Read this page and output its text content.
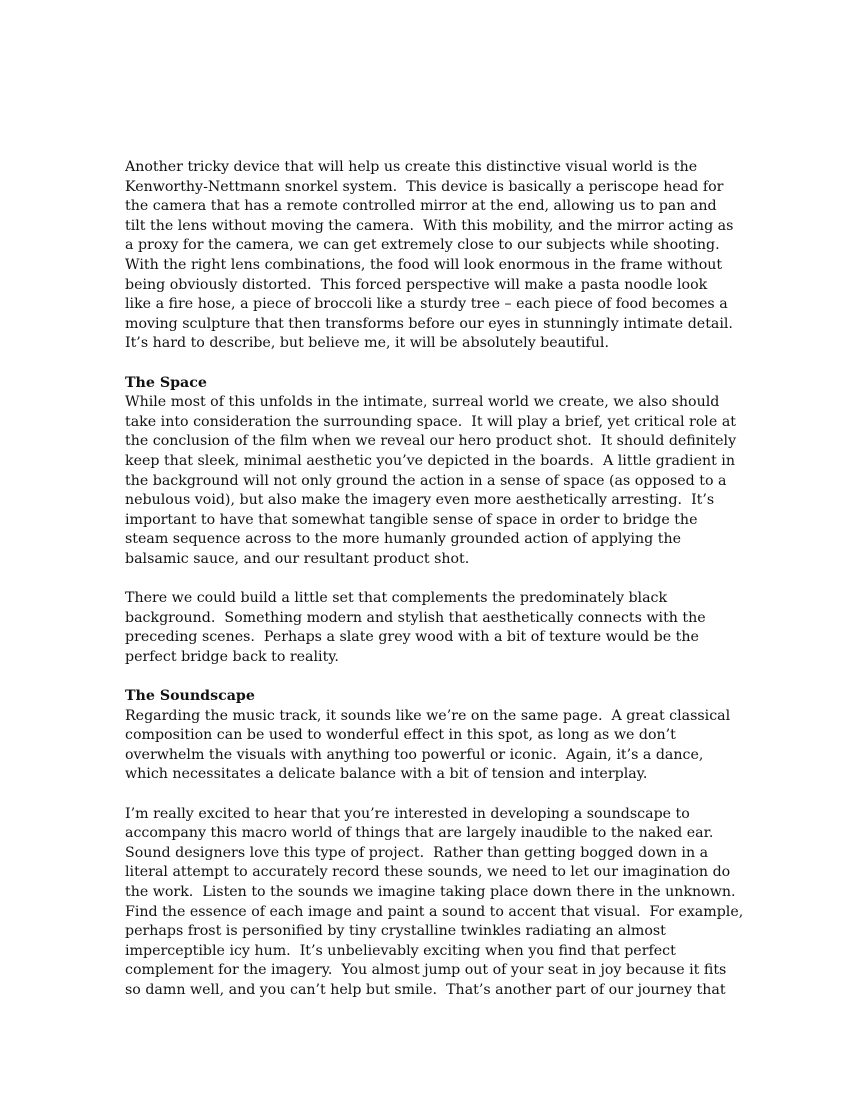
Another tricky device that will help us create this distinctive visual world is the
Kenworthy-Nettmann snorkel system.  This device is basically a periscope head for
the camera that has a remote controlled mirror at the end, allowing us to pan and
tilt the lens without moving the camera.  With this mobility, and the mirror acting as
a proxy for the camera, we can get extremely close to our subjects while shooting.
With the right lens combinations, the food will look enormous in the frame without
being obviously distorted.  This forced perspective will make a pasta noodle look
like a fire hose, a piece of broccoli like a sturdy tree – each piece of food becomes a
moving sculpture that then transforms before our eyes in stunningly intimate detail.
It’s hard to describe, but believe me, it will be absolutely beautiful.
The Space
While most of this unfolds in the intimate, surreal world we create, we also should
take into consideration the surrounding space.  It will play a brief, yet critical role at
the conclusion of the film when we reveal our hero product shot.  It should definitely
keep that sleek, minimal aesthetic you’ve depicted in the boards.  A little gradient in
the background will not only ground the action in a sense of space (as opposed to a
nebulous void), but also make the imagery even more aesthetically arresting.  It’s
important to have that somewhat tangible sense of space in order to bridge the
steam sequence across to the more humanly grounded action of applying the
balsamic sauce, and our resultant product shot.
There we could build a little set that complements the predominately black
background.  Something modern and stylish that aesthetically connects with the
preceding scenes.  Perhaps a slate grey wood with a bit of texture would be the
perfect bridge back to reality.
The Soundscape
Regarding the music track, it sounds like we’re on the same page.  A great classical
composition can be used to wonderful effect in this spot, as long as we don’t
overwhelm the visuals with anything too powerful or iconic.  Again, it’s a dance,
which necessitates a delicate balance with a bit of tension and interplay.
I’m really excited to hear that you’re interested in developing a soundscape to
accompany this macro world of things that are largely inaudible to the naked ear.
Sound designers love this type of project.  Rather than getting bogged down in a
literal attempt to accurately record these sounds, we need to let our imagination do
the work.  Listen to the sounds we imagine taking place down there in the unknown.
Find the essence of each image and paint a sound to accent that visual.  For example,
perhaps frost is personified by tiny crystalline twinkles radiating an almost
imperceptible icy hum.  It’s unbelievably exciting when you find that perfect
complement for the imagery.  You almost jump out of your seat in joy because it fits
so damn well, and you can’t help but smile.  That’s another part of our journey that
